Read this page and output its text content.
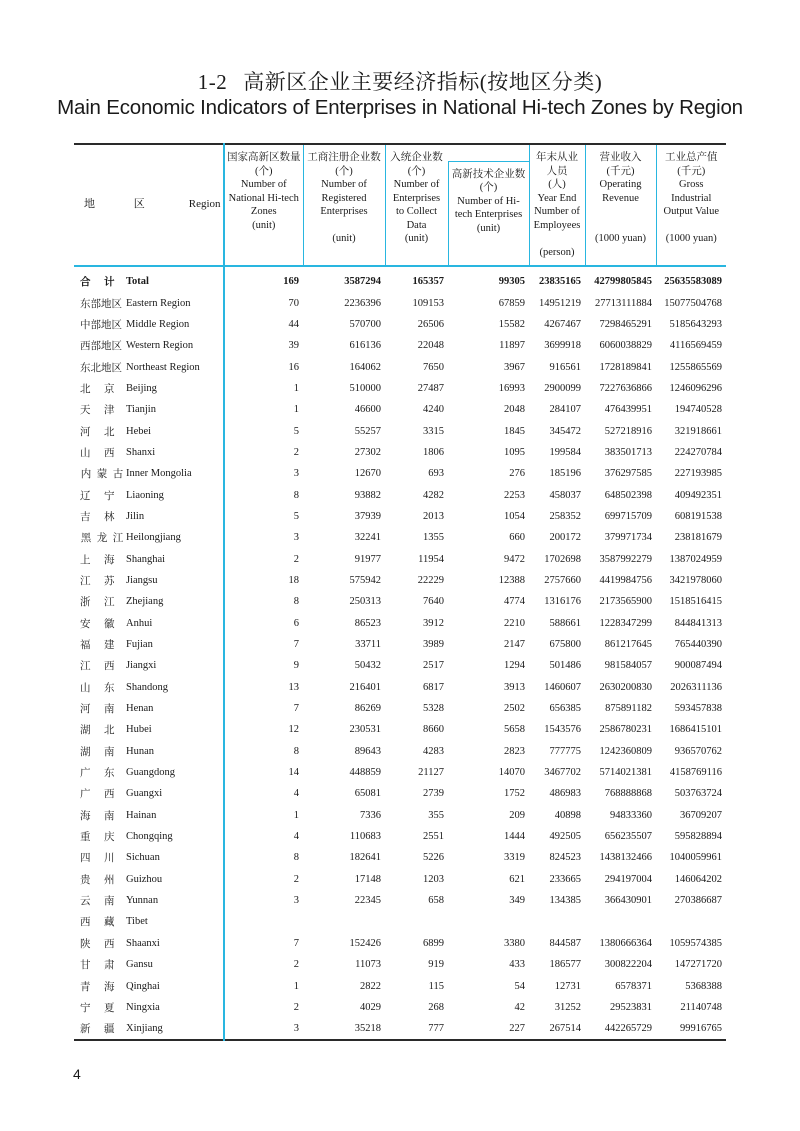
1-2 高新区企业主要经济指标(按地区分类)
Main Economic Indicators of Enterprises in National Hi-tech Zones by Region
地 区 Region	
国家高新区数量
(个)
Number of National Hi-tech Zones
(unit)

工商注册企业数
(个)
Number of Registered Enterprises
(unit)

入统企业数
(个)
Number of Enterprises to Collect Data
(unit)

年末从业人员
(人)
Year End Number of Employees
(person)

营业收入
(千元)
Operating Revenue
(1000 yuan)

工业总产值
(千元)
Gross Industrial Output Value
(1000 yuan)

					高新技术企业数
(个)
Number of Hi-tech Enterprises
(unit)			

合 计	Total	169	3587294	165357	99305	23835165	42799805845	25635583089
东部地区	Eastern Region	70	2236396	109153	67859	14951219	27713111884	15077504768
中部地区	Middle Region	44	570700	26506	15582	4267467	7298465291	5185643293
西部地区	Western Region	39	616136	22048	11897	3699918	6060038829	4116569459
东北地区	Northeast Region	16	164062	7650	3967	916561	1728189841	1255865569
北 京	Beijing	1	510000	27487	16993	2900099	7227636866	1246096296
天 津	Tianjin	1	46600	4240	2048	284107	476439951	194740528
河 北	Hebei	5	55257	3315	1845	345472	527218916	321918661
山 西	Shanxi	2	27302	1806	1095	199584	383501713	224270784
内 蒙 古	Inner Mongolia	3	12670	693	276	185196	376297585	227193985
辽 宁	Liaoning	8	93882	4282	2253	458037	648502398	409492351
吉 林	Jilin	5	37939	2013	1054	258352	699715709	608191538
黑 龙 江	Heilongjiang	3	32241	1355	660	200172	379971734	238181679
上 海	Shanghai	2	91977	11954	9472	1702698	3587992279	1387024959
江 苏	Jiangsu	18	575942	22229	12388	2757660	4419984756	3421978060
浙 江	Zhejiang	8	250313	7640	4774	1316176	2173565900	1518516415
安 徽	Anhui	6	86523	3912	2210	588661	1228347299	844841313
福 建	Fujian	7	33711	3989	2147	675800	861217645	765440390
江 西	Jiangxi	9	50432	2517	1294	501486	981584057	900087494
山 东	Shandong	13	216401	6817	3913	1460607	2630200830	2026311136
河 南	Henan	7	86269	5328	2502	656385	875891182	593457838
湖 北	Hubei	12	230531	8660	5658	1543576	2586780231	1686415101
湖 南	Hunan	8	89643	4283	2823	777775	1242360809	936570762
广 东	Guangdong	14	448859	21127	14070	3467702	5714021381	4158769116
广 西	Guangxi	4	65081	2739	1752	486983	768888868	503763724
海 南	Hainan	1	7336	355	209	40898	94833360	36709207
重 庆	Chongqing	4	110683	2551	1444	492505	656235507	595828894
四 川	Sichuan	8	182641	5226	3319	824523	1438132466	1040059961
贵 州	Guizhou	2	17148	1203	621	233665	294197004	146064202
云 南	Yunnan	3	22345	658	349	134385	366430901	270386687
西 藏	Tibet							
陕 西	Shaanxi	7	152426	6899	3380	844587	1380666364	1059574385
甘 肃	Gansu	2	11073	919	433	186577	300822204	147271720
青 海	Qinghai	1	2822	115	54	12731	6578371	5368388
宁 夏	Ningxia	2	4029	268	42	31252	29523831	21140748
新 疆	Xinjiang	3	35218	777	227	267514	442265729	99916765
4
